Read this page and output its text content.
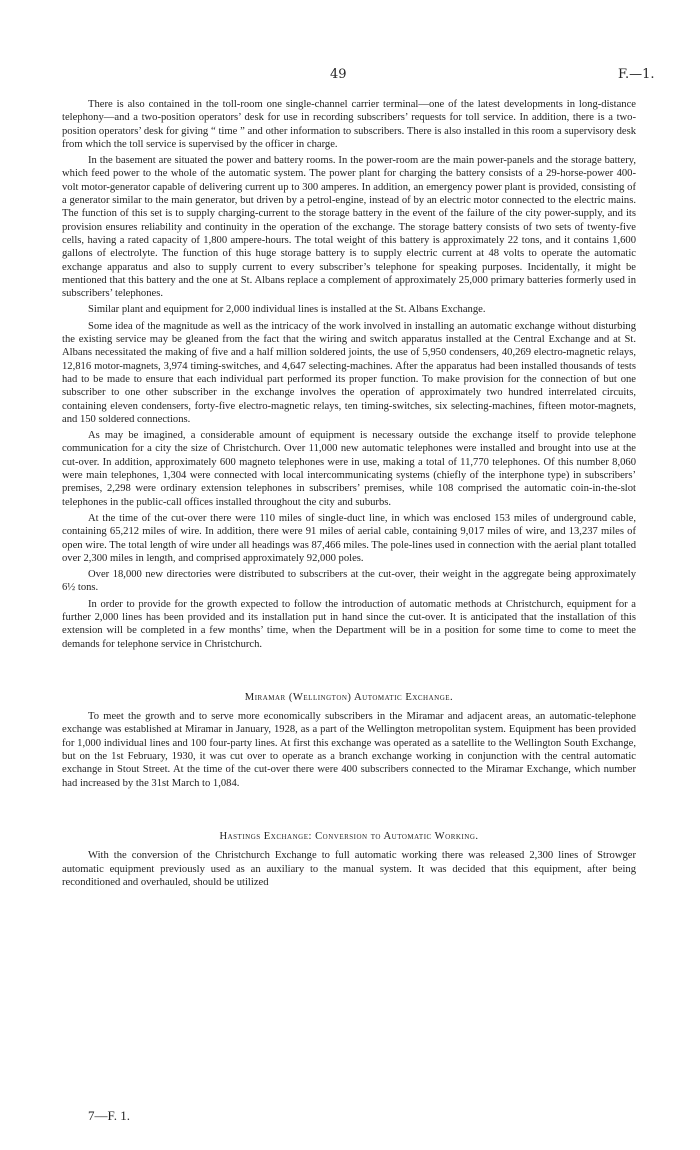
49	F.—1.

There is also contained in the toll-room one single-channel carrier terminal—one of the latest developments in long-distance telephony—and a two-position operators’ desk for use in recording subscribers’ requests for toll service. In addition, there is a two-position operators’ desk for giving “ time ” and other information to subscribers. There is also installed in this room a supervisory desk from which the toll service is supervised by the officer in charge.

In the basement are situated the power and battery rooms. In the power-room are the main power-panels and the storage battery, which feed power to the whole of the automatic system. The power plant for charging the battery consists of a 29-horse-power 400-volt motor-generator capable of delivering current up to 300 amperes. In addition, an emergency power plant is provided, consisting of a generator similar to the main generator, but driven by a petrol-engine, instead of by an electric motor connected to the electric mains. The function of this set is to supply charging-current to the storage battery in the event of the failure of the city power-supply, and its provision ensures reliability and continuity in the operation of the exchange. The storage battery consists of two sets of twenty-five cells, having a rated capacity of 1,800 ampere-hours. The total weight of this battery is approximately 22 tons, and it contains 1,600 gallons of electrolyte. The function of this huge storage battery is to supply electric current at 48 volts to operate the automatic exchange apparatus and also to supply current to every subscriber’s telephone for speaking purposes. Incidentally, it might be mentioned that this battery and the one at St. Albans replace a complement of approximately 25,000 primary batteries formerly used in subscribers’ telephones.

Similar plant and equipment for 2,000 individual lines is installed at the St. Albans Exchange.

Some idea of the magnitude as well as the intricacy of the work involved in installing an automatic exchange without disturbing the existing service may be gleaned from the fact that the wiring and switch apparatus installed at the Central Exchange and at St. Albans necessitated the making of five and a half million soldered joints, the use of 5,950 condensers, 40,269 electro-magnetic relays, 12,816 motor-magnets, 3,974 timing-switches, and 4,647 selecting-machines. After the apparatus had been installed thousands of tests had to be made to ensure that each individual part performed its proper function. To make provision for the connection of but one subscriber to one other subscriber in the exchange involves the operation of approximately two hundred interrelated circuits, containing eleven condensers, forty-five electro-magnetic relays, ten timing-switches, six selecting-machines, fifteen motor-magnets, and 150 soldered connections.

As may be imagined, a considerable amount of equipment is necessary outside the exchange itself to provide telephone communication for a city the size of Christchurch. Over 11,000 new automatic telephones were installed and brought into use at the cut-over. In addition, approximately 600 magneto telephones were in use, making a total of 11,770 telephones. Of this number 8,060 were main telephones, 1,304 were connected with local intercommunicating systems (chiefly of the interphone type) in subscribers’ premises, 2,298 were ordinary extension telephones in subscribers’ premises, while 108 comprised the automatic coin-in-the-slot telephones in the public-call offices installed throughout the city and suburbs.

At the time of the cut-over there were 110 miles of single-duct line, in which was enclosed 153 miles of underground cable, containing 65,212 miles of wire. In addition, there were 91 miles of aerial cable, containing 9,017 miles of wire, and 13,237 miles of open wire. The total length of wire under all headings was 87,466 miles. The pole-lines used in connection with the aerial plant totalled over 2,300 miles in length, and comprised approximately 92,000 poles.

Over 18,000 new directories were distributed to subscribers at the cut-over, their weight in the aggregate being approximately 6½ tons.

In order to provide for the growth expected to follow the introduction of automatic methods at Christchurch, equipment for a further 2,000 lines has been provided and its installation put in hand since the cut-over. It is anticipated that the installation of this extension will be completed in a few months’ time, when the Department will be in a position for some time to come to meet the demands for telephone service in Christchurch.

Miramar (Wellington) Automatic Exchange.

To meet the growth and to serve more economically subscribers in the Miramar and adjacent areas, an automatic-telephone exchange was established at Miramar in January, 1928, as a part of the Wellington metropolitan system. Equipment has been provided for 1,000 individual lines and 100 four-party lines. At first this exchange was operated as a satellite to the Wellington South Exchange, but on the 1st February, 1930, it was cut over to operate as a branch exchange working in conjunction with the central automatic exchange in Stout Street. At the time of the cut-over there were 400 subscribers connected to the Miramar Exchange, which number had increased by the 31st March to 1,084.

Hastings Exchange: Conversion to Automatic Working.

With the conversion of the Christchurch Exchange to full automatic working there was released 2,300 lines of Strowger automatic equipment previously used as an auxiliary to the manual system. It was decided that this equipment, after being reconditioned and overhauled, should be utilized

7—F. 1.
